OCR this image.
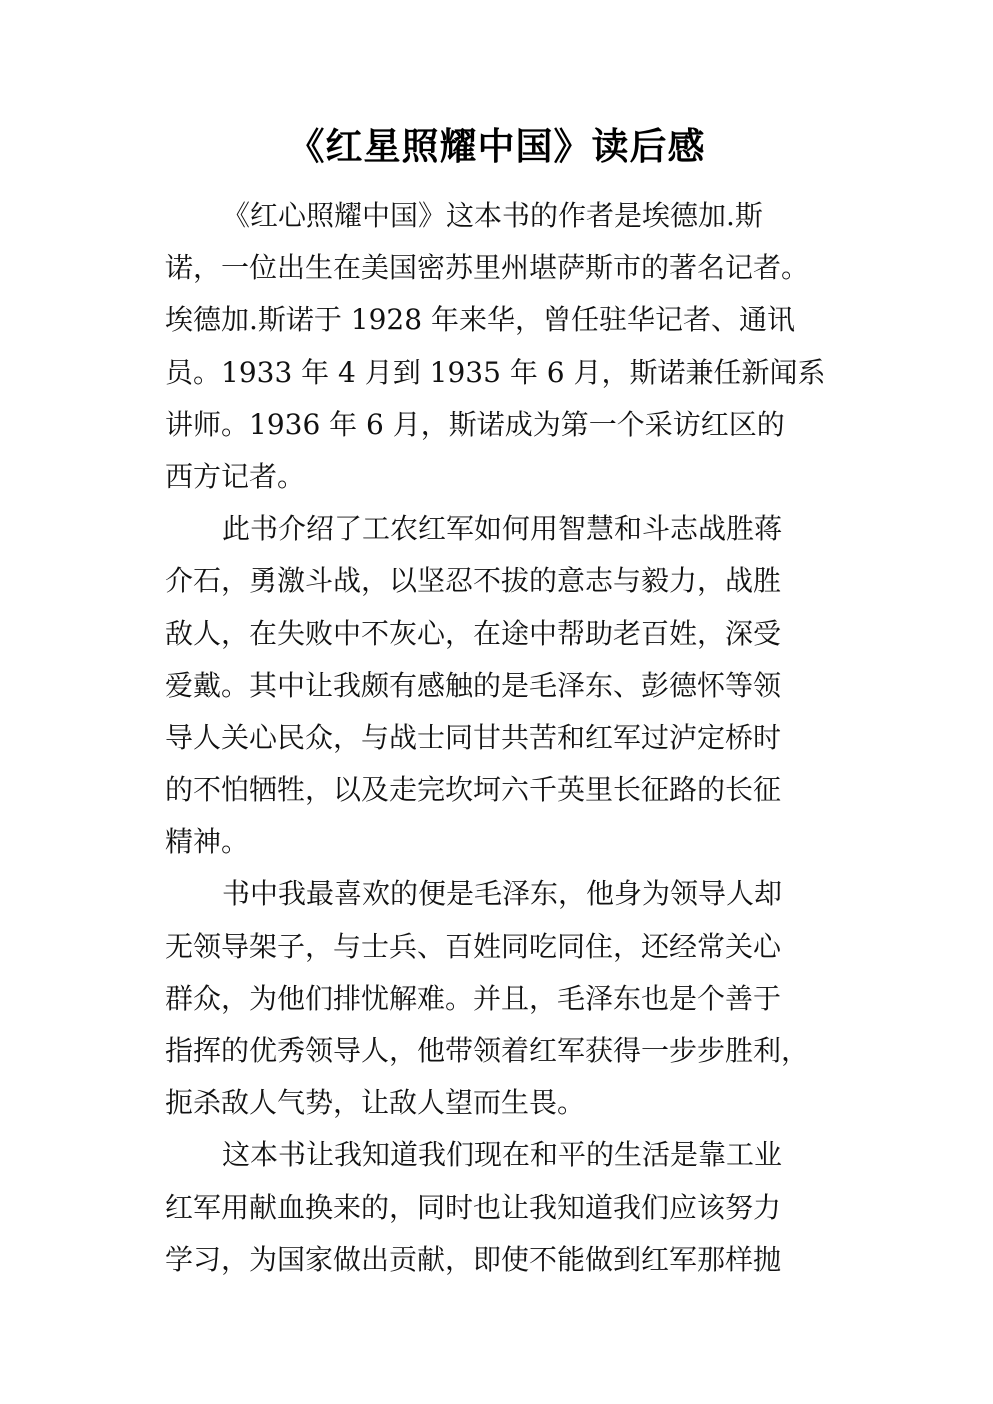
《红星照耀中国》读后感
《红心照耀中国》这本书的作者是埃德加.斯
诺，一位出生在美国密苏里州堪萨斯市的著名记者。
埃德加.斯诺于 1928 年来华，曾任驻华记者、通讯
员。1933 年 4 月到 1935 年 6 月，斯诺兼任新闻系
讲师。1936 年 6 月，斯诺成为第一个采访红区的
西方记者。
此书介绍了工农红军如何用智慧和斗志战胜蒋
介石，勇激斗战，以坚忍不拔的意志与毅力，战胜
敌人，在失败中不灰心，在途中帮助老百姓，深受
爱戴。其中让我颇有感触的是毛泽东、彭德怀等领
导人关心民众，与战士同甘共苦和红军过泸定桥时
的不怕牺牲，以及走完坎坷六千英里长征路的长征
精神。
书中我最喜欢的便是毛泽东，他身为领导人却
无领导架子，与士兵、百姓同吃同住，还经常关心
群众，为他们排忧解难。并且，毛泽东也是个善于
指挥的优秀领导人，他带领着红军获得一步步胜利，
扼杀敌人气势，让敌人望而生畏。
这本书让我知道我们现在和平的生活是靠工业
红军用献血换来的，同时也让我知道我们应该努力
学习，为国家做出贡献，即使不能做到红军那样抛
